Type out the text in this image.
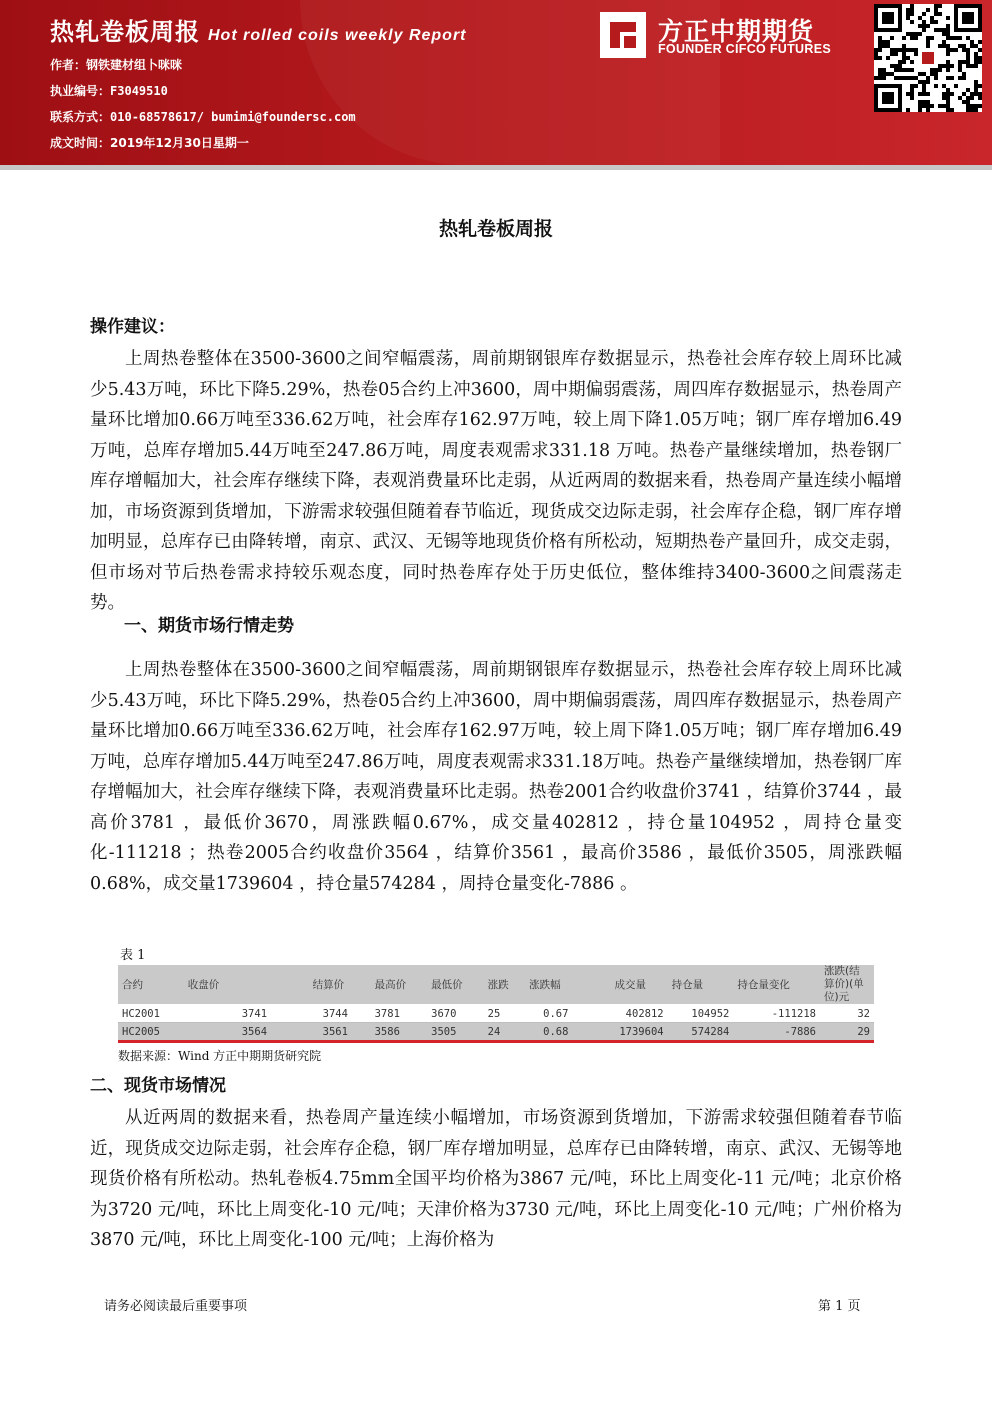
热轧卷板周报 Hot rolled coils weekly Report
作者：钢铁建材组卜咪咪
执业编号：F3049510
联系方式：010-68578617/ bumimi@foundersc.com
成文时间：2019年12月30日星期一
方正中期期货
FOUNDER CIFCO FUTURES
热轧卷板周报
操作建议：
上周热卷整体在3500-3600之间窄幅震荡，周前期钢银库存数据显示，热卷社会库存较上周环比减少5.43万吨，环比下降5.29%，热卷05合约上冲3600，周中期偏弱震荡，周四库存数据显示，热卷周产量环比增加0.66万吨至336.62万吨，社会库存162.97万吨，较上周下降1.05万吨；钢厂库存增加6.49万吨，总库存增加5.44万吨至247.86万吨，周度表观需求331.18 万吨。热卷产量继续增加，热卷钢厂库存增幅加大，社会库存继续下降，表观消费量环比走弱，从近两周的数据来看，热卷周产量连续小幅增加，市场资源到货增加，下游需求较强但随着春节临近，现货成交边际走弱，社会库存企稳，钢厂库存增加明显，总库存已由降转增，南京、武汉、无锡等地现货价格有所松动，短期热卷产量回升，成交走弱，但市场对节后热卷需求持较乐观态度，同时热卷库存处于历史低位，整体维持3400-3600之间震荡走势。
一、期货市场行情走势
上周热卷整体在3500-3600之间窄幅震荡，周前期钢银库存数据显示，热卷社会库存较上周环比减少5.43万吨，环比下降5.29%，热卷05合约上冲3600，周中期偏弱震荡，周四库存数据显示，热卷周产量环比增加0.66万吨至336.62万吨，社会库存162.97万吨，较上周下降1.05万吨；钢厂库存增加6.49万吨，总库存增加5.44万吨至247.86万吨，周度表观需求331.18万吨。热卷产量继续增加，热卷钢厂库存增幅加大，社会库存继续下降，表观消费量环比走弱。热卷2001合约收盘价3741 ，结算价3744 ，最高价3781 ，最低价3670，周涨跌幅0.67%，成交量402812 ，持仓量104952 ，周持仓量变化-111218 ；热卷2005合约收盘价3564 ，结算价3561 ，最高价3586 ，最低价3505，周涨跌幅0.68%，成交量1739604 ，持仓量574284 ，周持仓量变化-7886 。
表 1
合约	收盘价	结算价	最高价	最低价	涨跌	涨跌幅	成交量	持仓量	持仓量变化	涨跌(结算价)(单位)元
HC2001	3741	3744	3781	3670	25	0.67	402812	104952	-111218	32
HC2005	3564	3561	3586	3505	24	0.68	1739604	574284	-7886	29
数据来源：Wind 方正中期期货研究院
二、现货市场情况
从近两周的数据来看，热卷周产量连续小幅增加，市场资源到货增加，下游需求较强但随着春节临近，现货成交边际走弱，社会库存企稳，钢厂库存增加明显，总库存已由降转增，南京、武汉、无锡等地现货价格有所松动。热轧卷板4.75mm全国平均价格为3867 元/吨，环比上周变化-11 元/吨；北京价格为3720 元/吨，环比上周变化-10 元/吨；天津价格为3730 元/吨，环比上周变化-10 元/吨；广州价格为3870 元/吨，环比上周变化-100 元/吨；上海价格为
请务必阅读最后重要事项	第 1 页
